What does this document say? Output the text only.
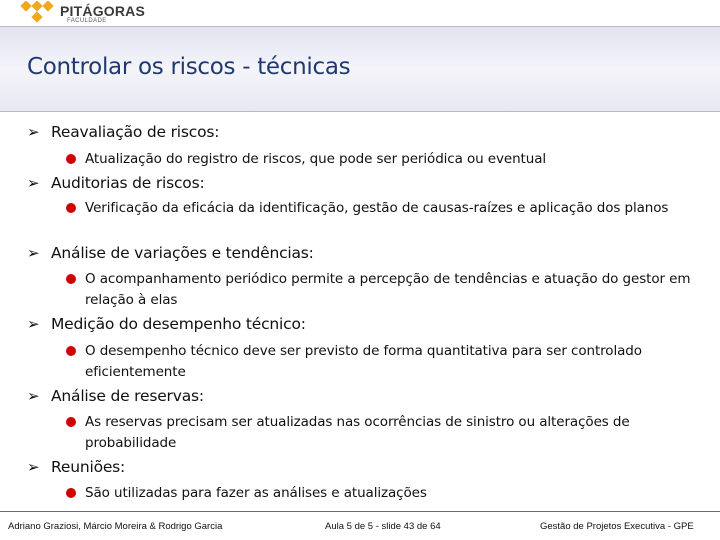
PITÁGORAS
FACULDADE
Controlar os riscos - técnicas
➢ Reavaliação de riscos:
Atualização do registro de riscos, que pode ser periódica ou eventual
➢ Auditorias de riscos:
Verificação da eficácia da identificação, gestão de causas-raízes e aplicação dos planos
➢ Análise de variações e tendências:
O acompanhamento periódico permite a percepção de tendências e atuação do gestor em relação à elas
➢ Medição do desempenho técnico:
O desempenho técnico deve ser previsto de forma quantitativa para ser controlado eficientemente
➢ Análise de reservas:
As reservas precisam ser atualizadas nas ocorrências de sinistro ou alterações de probabilidade
➢ Reuniões:
São utilizadas para fazer as análises e atualizações
Adriano Graziosi, Márcio Moreira & Rodrigo Garcia	Aula 5 de 5 - slide 43 de 64	Gestão de Projetos Executiva - GPE
